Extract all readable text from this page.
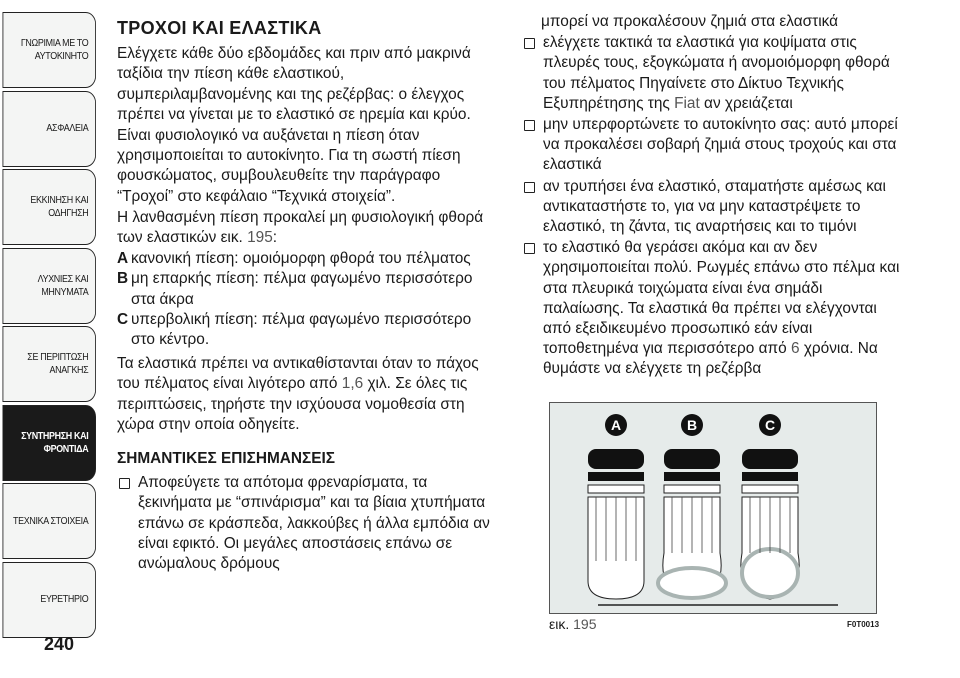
ΓΝΩΡΙΜΙΑ ΜΕ ΤΟ ΑΥΤΟΚΙΝΗΤΟ
ΑΣΦΑΛΕΙΑ
ΕΚΚΙΝΗΣΗ ΚΑΙ ΟΔΗΓΗΣΗ
ΛΥΧΝΙΕΣ ΚΑΙ ΜΗΝΥΜΑΤΑ
ΣΕ ΠΕΡΙΠΤΩΣΗ ΑΝΑΓΚΗΣ
ΣΥΝΤΗΡΗΣΗ ΚΑΙ ΦΡΟΝΤΙΔΑ
ΤΕΧΝΙΚΑ ΣΤΟΙΧΕΙΑ
ΕΥΡΕΤΗΡΙΟ
240
ΤΡΟΧΟΙ ΚΑΙ ΕΛΑΣΤΙΚΑ

Ελέγχετε κάθε δύο εβδομάδες και πριν από μακρινά ταξίδια την πίεση κάθε ελαστικού, συμπεριλαμβανομένης και της ρεζέρβας: ο έλεγχος πρέπει να γίνεται με το ελαστικό σε ηρεμία και κρύο.

Είναι φυσιολογικό να αυξάνεται η πίεση όταν χρησιμοποιείται το αυτοκίνητο. Για τη σωστή πίεση φουσκώματος, συμβουλευθείτε την παράγραφο “Τροχοί” στο κεφάλαιο “Τεχνικά στοιχεία”.

Η λανθασμένη πίεση προκαλεί μη φυσιολογική φθορά των ελαστικών εικ. 195:

A κανονική πίεση: ομοιόμορφη φθορά του πέλματος
B μη επαρκής πίεση: πέλμα φαγωμένο περισσότερο στα άκρα
C υπερβολική πίεση: πέλμα φαγωμένο περισσότερο στο κέντρο.

Τα ελαστικά πρέπει να αντικαθίστανται όταν το πάχος του πέλματος είναι λιγότερο από 1,6 χιλ. Σε όλες τις περιπτώσεις, τηρήστε την ισχύουσα νομοθεσία στη χώρα στην οποία οδηγείτε.

ΣΗΜΑΝΤΙΚΕΣ ΕΠΙΣΗΜΑΝΣΕΙΣ
Αποφεύγετε τα απότομα φρεναρίσματα, τα ξεκινήματα με “σπινάρισμα” και τα βίαια χτυπήματα επάνω σε κράσπεδα, λακκούβες ή άλλα εμπόδια αν είναι εφικτό. Οι μεγάλες αποστάσεις επάνω σε ανώμαλους δρόμους

μπορεί να προκαλέσουν ζημιά στα ελαστικά

ελέγχετε τακτικά τα ελαστικά για κοψίματα στις πλευρές τους, εξογκώματα ή ανομοιόμορφη φθορά του πέλματος Πηγαίνετε στο Δίκτυο Τεχνικής Εξυπηρέτησης της Fiat αν χρειάζεται
μην υπερφορτώνετε το αυτοκίνητο σας: αυτό μπορεί να προκαλέσει σοβαρή ζημιά στους τροχούς και στα ελαστικά
αν τρυπήσει ένα ελαστικό, σταματήστε αμέσως και αντικαταστήστε το, για να μην καταστρέψετε το ελαστικό, τη ζάντα, τις αναρτήσεις και το τιμόνι
το ελαστικό θα γεράσει ακόμα και αν δεν χρησιμοποιείται πολύ. Ρωγμές επάνω στο πέλμα και στα πλευρικά τοιχώματα είναι ένα σημάδι παλαίωσης. Τα ελαστικά θα πρέπει να ελέγχονται από εξειδικευμένο προσωπικό εάν είναι τοποθετημένα για περισσότερο από 6 χρόνια. Να θυμάστε να ελέγχετε τη ρεζέρβα
A	B	C
εικ. 195	F0T0013
